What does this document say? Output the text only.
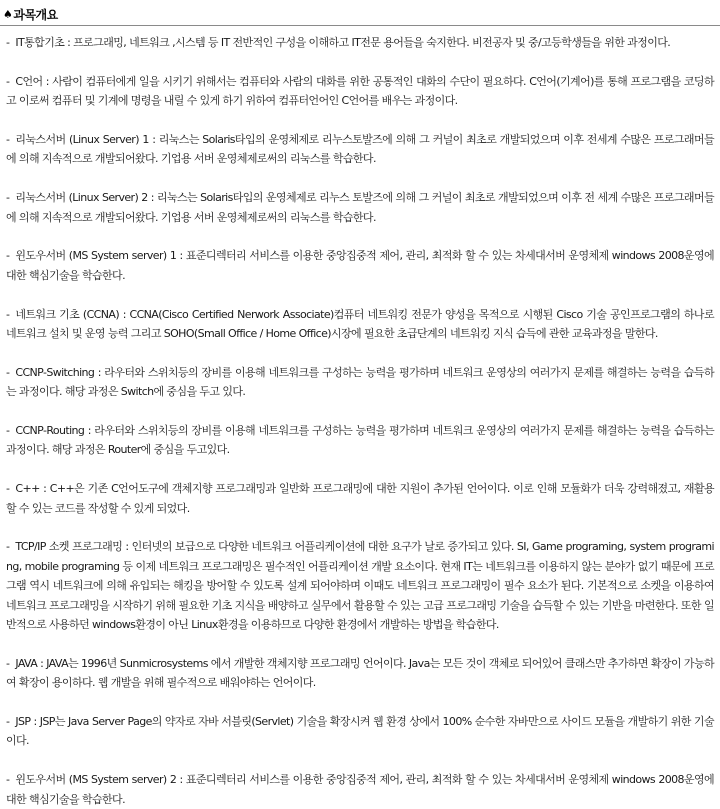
♠ 과목개요
- IT통합기초 : 프로그래밍, 네트워크 ,시스템 등 IT 전반적인 구성을 이해하고 IT전문 용어들을 숙지한다. 비전공자 및 중/고등학생들을 위한 과정이다.
- C언어 : 사람이 컴퓨터에게 일을 시키기 위해서는 컴퓨터와 사람의 대화를 위한 공통적인 대화의 수단이 필요하다. C언어(기계어)를 통해 프로그램을 코딩하고 이로써 컴퓨터 및 기계에 명령을 내릴 수 있게 하기 위하여 컴퓨터언어인 C언어를 배우는 과정이다.
- 리눅스서버 (Linux Server) 1 : 리눅스는 Solaris타입의 운영체제로 리누스토발즈에 의해 그 커널이 최초로 개발되었으며 이후 전세계 수많은 프로그래머들에 의해 지속적으로 개발되어왔다. 기업용 서버 운영체제로써의 리눅스를 학습한다.
- 리눅스서버 (Linux Server) 2 : 리눅스는 Solaris타입의 운영체제로 리누스 토발즈에 의해 그 커널이 최초로 개발되었으며 이후 전 세계 수많은 프로그래머들에 의해 지속적으로 개발되어왔다. 기업용 서버 운영체제로써의 리눅스를 학습한다.
- 윈도우서버 (MS System server) 1 : 표준디렉터리 서비스를 이용한 중앙집중적 제어, 관리, 최적화 할 수 있는 차세대서버 운영체제 windows 2008운영에 대한 핵심기술을 학습한다.
- 네트워크 기초 (CCNA) : CCNA(Cisco Certified Nerwork Associate)컴퓨터 네트워킹 전문가 양성을 목적으로 시행된 Cisco 기술 공인프로그램의 하나로 네트워크 설치 및 운영 능력 그리고 SOHO(Small Office / Home Office)시장에 필요한 초급단계의 네트워킹 지식 습득에 관한 교육과정을 말한다.
- CCNP-Switching : 라우터와 스위치등의 장비를 이용해 네트워크를 구성하는 능력을 평가하며 네트워크 운영상의 여러가지 문제를 해결하는 능력을 습득하는 과정이다. 해당 과정은 Switch에 중심을 두고 있다.
- CCNP-Routing : 라우터와 스위치등의 장비를 이용해 네트워크를 구성하는 능력을 평가하며 네트워크 운영상의 여러가지 문제를 해결하는 능력을 습득하는 과정이다. 해당 과정은 Router에 중심을 두고있다.
- C++ : C++은 기존 C언어도구에 객체지향 프로그래밍과 일반화 프로그래밍에 대한 지원이 추가된 언어이다. 이로 인해 모듈화가 더욱 강력해졌고, 재활용 할 수 있는 코드를 작성할 수 있게 되었다.
- TCP/IP 소켓 프로그래밍 : 인터넷의 보급으로 다양한 네트워크 어플리케이션에 대한 요구가 날로 증가되고 있다. SI, Game programing, system programing, mobile programing 등 이제 네트워크 프로그래밍은 필수적인 어플리케이션 개발 요소이다. 현재 IT는 네트워크를 이용하지 않는 분야가 없기 때문에 프로그램 역시 네트워크에 의해 유입되는 해킹을 방어할 수 있도록 설계 되어야하며 이때도 네트워크 프로그래밍이 필수 요소가 된다. 기본적으로 소켓을 이용하여 네트워크 프로그래밍을 시작하기 위해 필요한 기초 지식을 배양하고 실무에서 활용할 수 있는 고급 프로그래밍 기술을 습득할 수 있는 기반을 마련한다. 또한 일반적으로 사용하던 windows환경이 아닌 Linux환경을 이용하므로 다양한 환경에서 개발하는 방법을 학습한다.
- JAVA : JAVA는 1996년 Sunmicrosystems 에서 개발한 객체지향 프로그래밍 언어이다. Java는 모든 것이 객체로 되어있어 클래스만 추가하면 확장이 가능하여 확장이 용이하다. 웹 개발을 위해 필수적으로 배워야하는 언어이다.
- JSP : JSP는 Java Server Page의 약자로 자바 서블릿(Servlet) 기술을 확장시켜 웹 환경 상에서 100% 순수한 자바만으로 사이드 모듈을 개발하기 위한 기술이다.
- 윈도우서버 (MS System server) 2 : 표준디렉터리 서비스를 이용한 중앙집중적 제어, 관리, 최적화 할 수 있는 차세대서버 운영체제 windows 2008운영에 대한 핵심기술을 학습한다.
